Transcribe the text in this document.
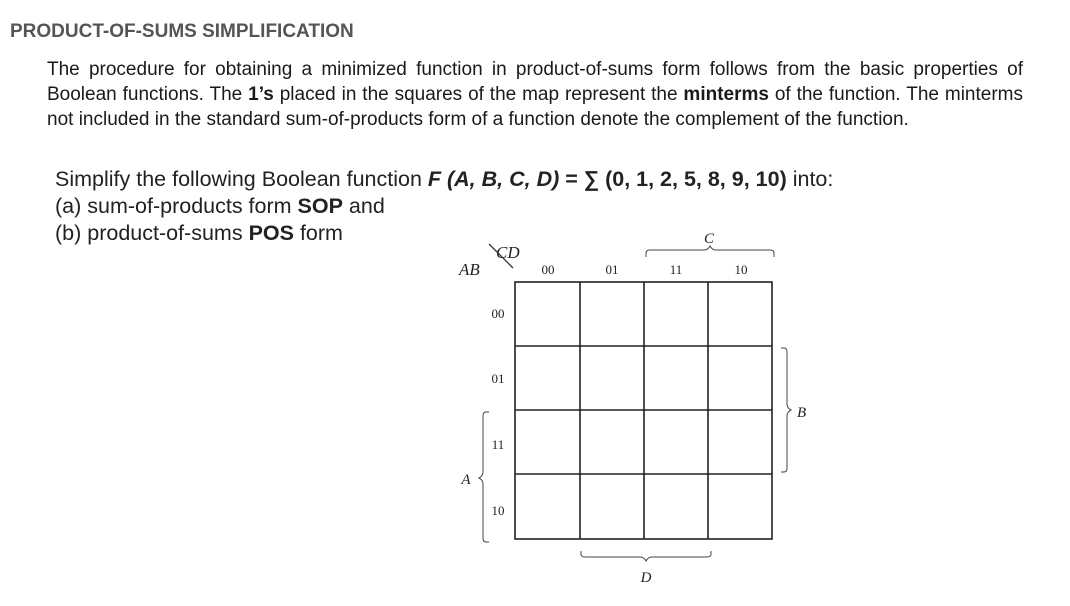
PRODUCT-OF-SUMS SIMPLIFICATION
The procedure for obtaining a minimized function in product-of-sums form follows from the basic properties of Boolean functions. The 1’s placed in the squares of the map represent the minterms of the function. The minterms not included in the standard sum-of-products form of a function denote the complement of the function.
Simplify the following Boolean function F (A, B, C, D) = ∑ (0, 1, 2, 5, 8, 9, 10) into:
(a) sum-of-products form SOP and
(b) product-of-sums POS form
AB
CD
00	01	11	10
00
01
11
10
C
B
A
D
